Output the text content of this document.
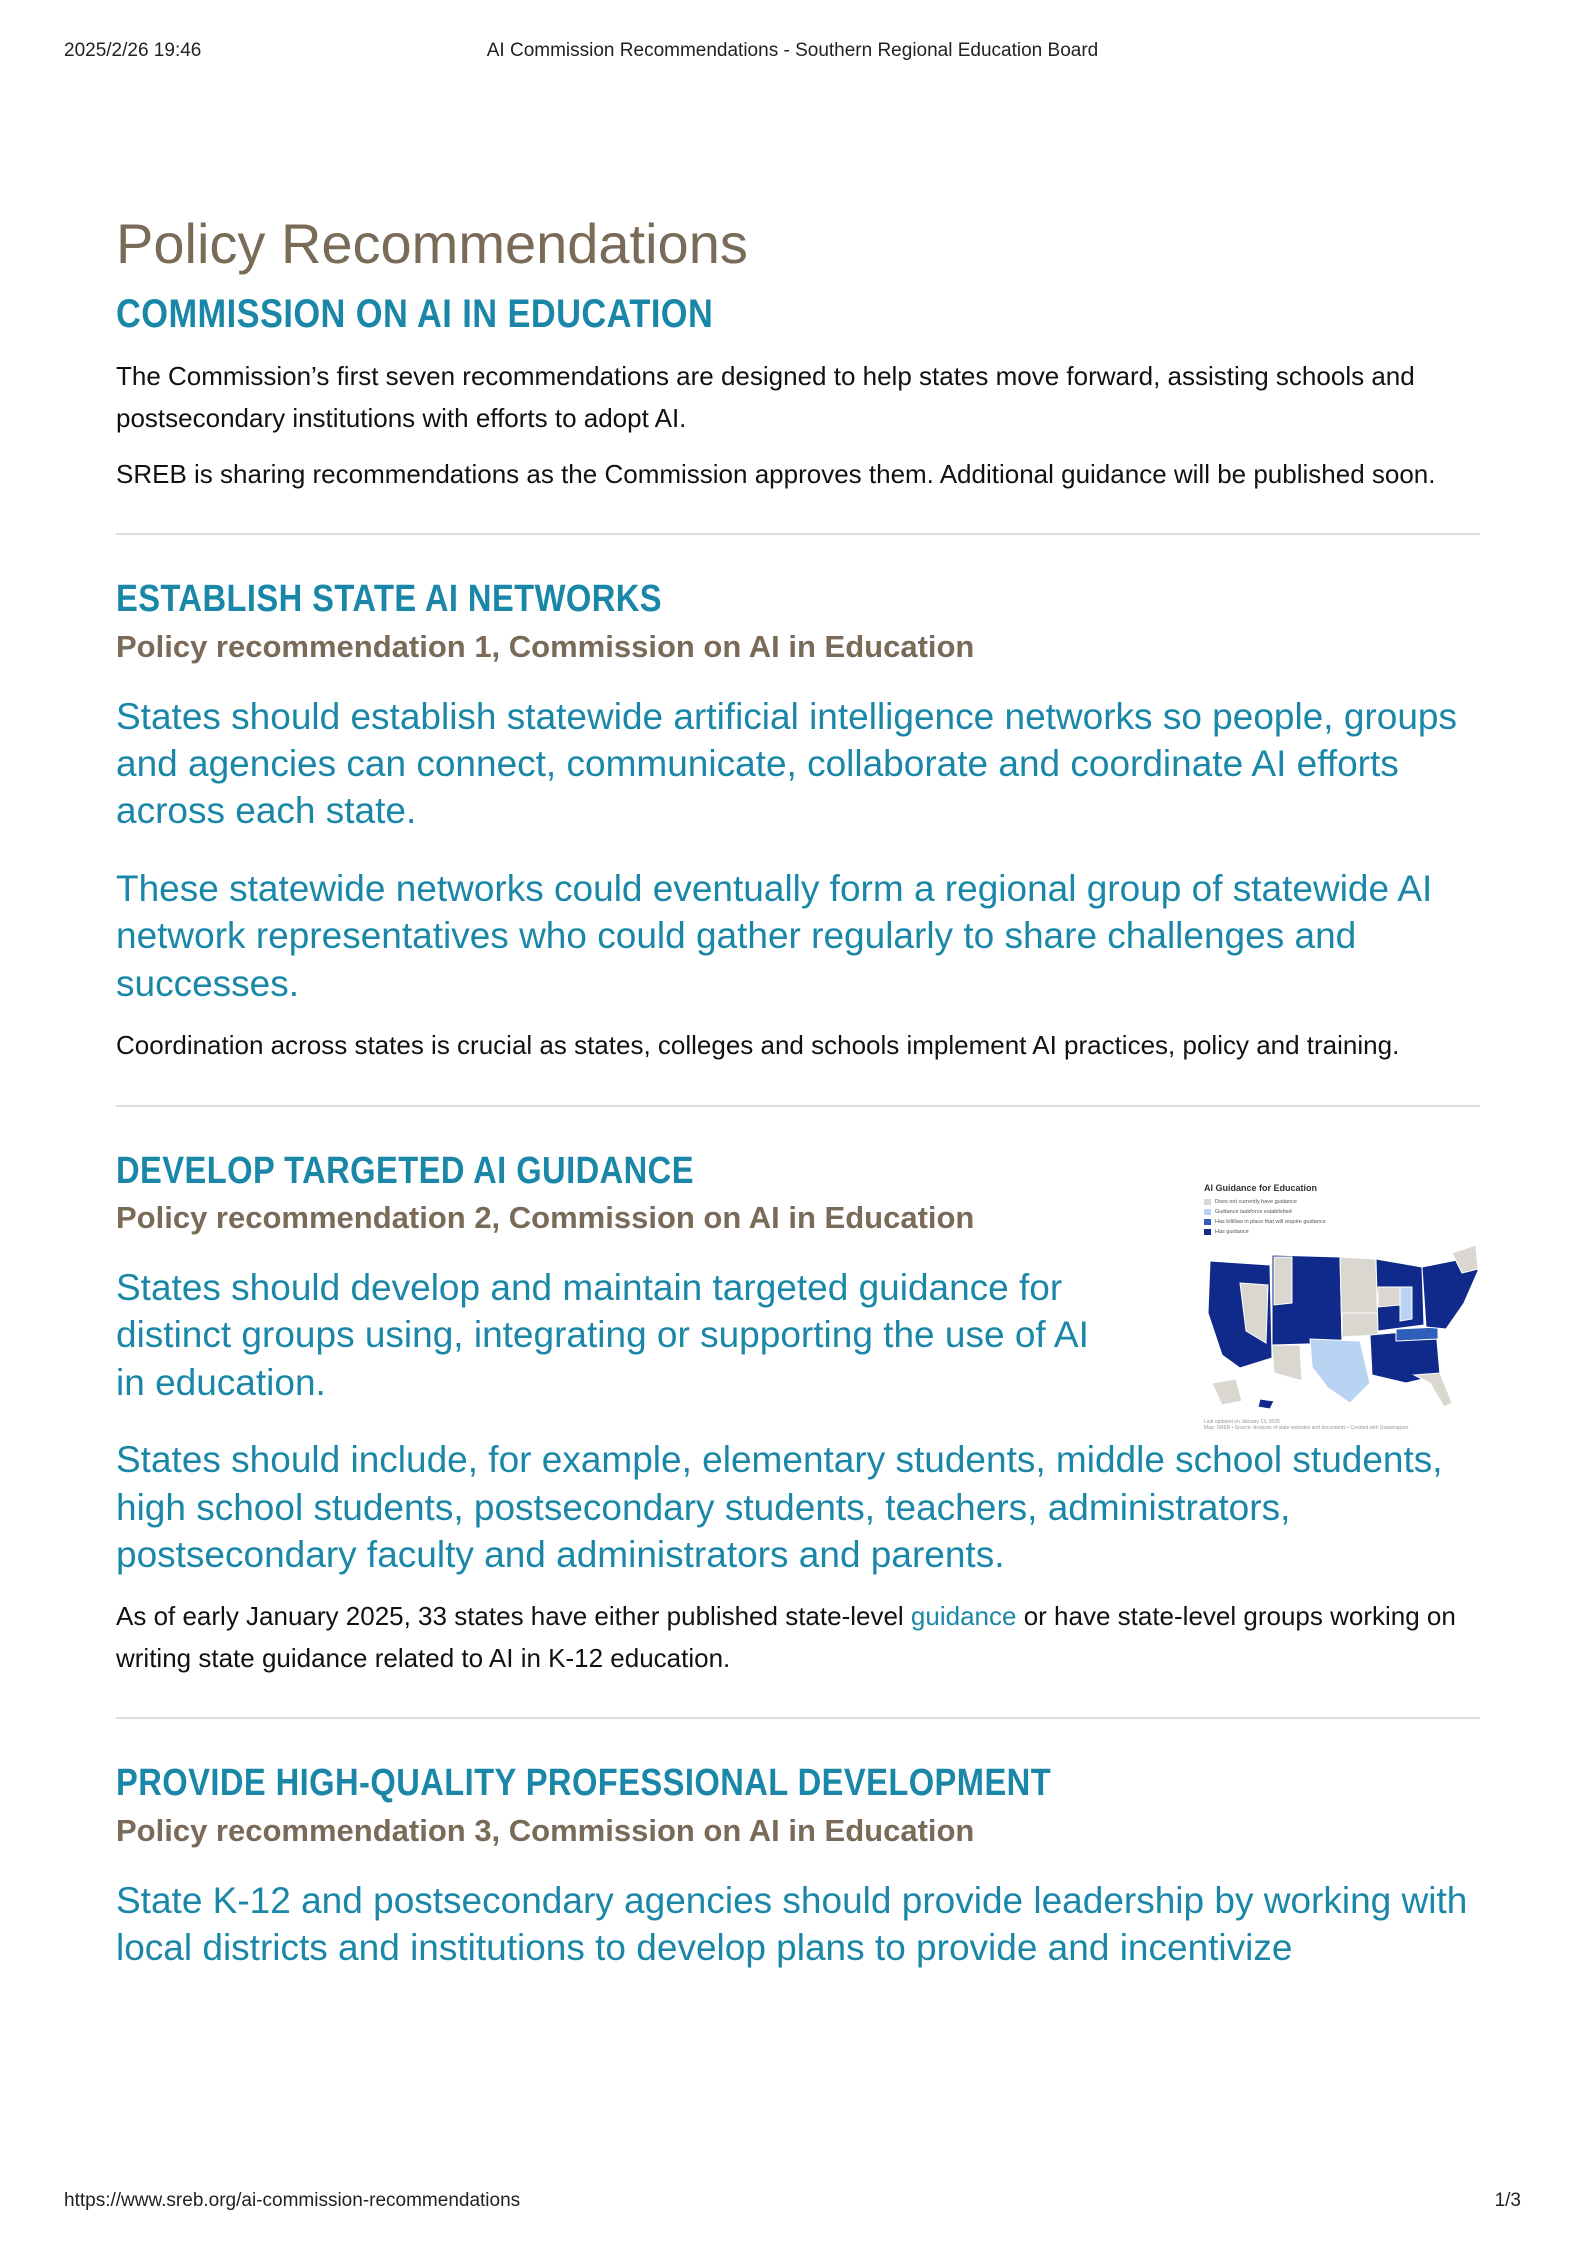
2025/2/26 19:46	AI Commission Recommendations - Southern Regional Education Board
Policy Recommendations
COMMISSION ON AI IN EDUCATION

The Commission’s first seven recommendations are designed to help states move forward, assisting schools and postsecondary institutions with efforts to adopt AI.

SREB is sharing recommendations as the Commission approves them. Additional guidance will be published soon.

ESTABLISH STATE AI NETWORKS
Policy recommendation 1, Commission on AI in Education

States should establish statewide artificial intelligence networks so people, groups and agencies can connect, communicate, collaborate and coordinate AI efforts across each state.

These statewide networks could eventually form a regional group of statewide AI network representatives who could gather regularly to share challenges and successes.

Coordination across states is crucial as states, colleges and schools implement AI practices, policy and training.

AI Guidance for Education
Does not currently have guidance
Guidance taskforce established
Has bill/law in place that will require guidance
Has guidance
Last updated on January 13, 2025
Map: SREB • Source: Analysis of state websites and documents • Created with Datawrapper
DEVELOP TARGETED AI GUIDANCE
Policy recommendation 2, Commission on AI in Education

States should develop and maintain targeted guidance for distinct groups using, integrating or supporting the use of AI in education.

States should include, for example, elementary students, middle school students, high school students, postsecondary students, teachers, administrators, postsecondary faculty and administrators and parents.

As of early January 2025, 33 states have either published state-level guidance or have state-level groups working on writing state guidance related to AI in K-12 education.

PROVIDE HIGH-QUALITY PROFESSIONAL DEVELOPMENT
Policy recommendation 3, Commission on AI in Education

State K-12 and postsecondary agencies should provide leadership by working with local districts and institutions to develop plans to provide and incentivize

https://www.sreb.org/ai-commission-recommendations	1/3
